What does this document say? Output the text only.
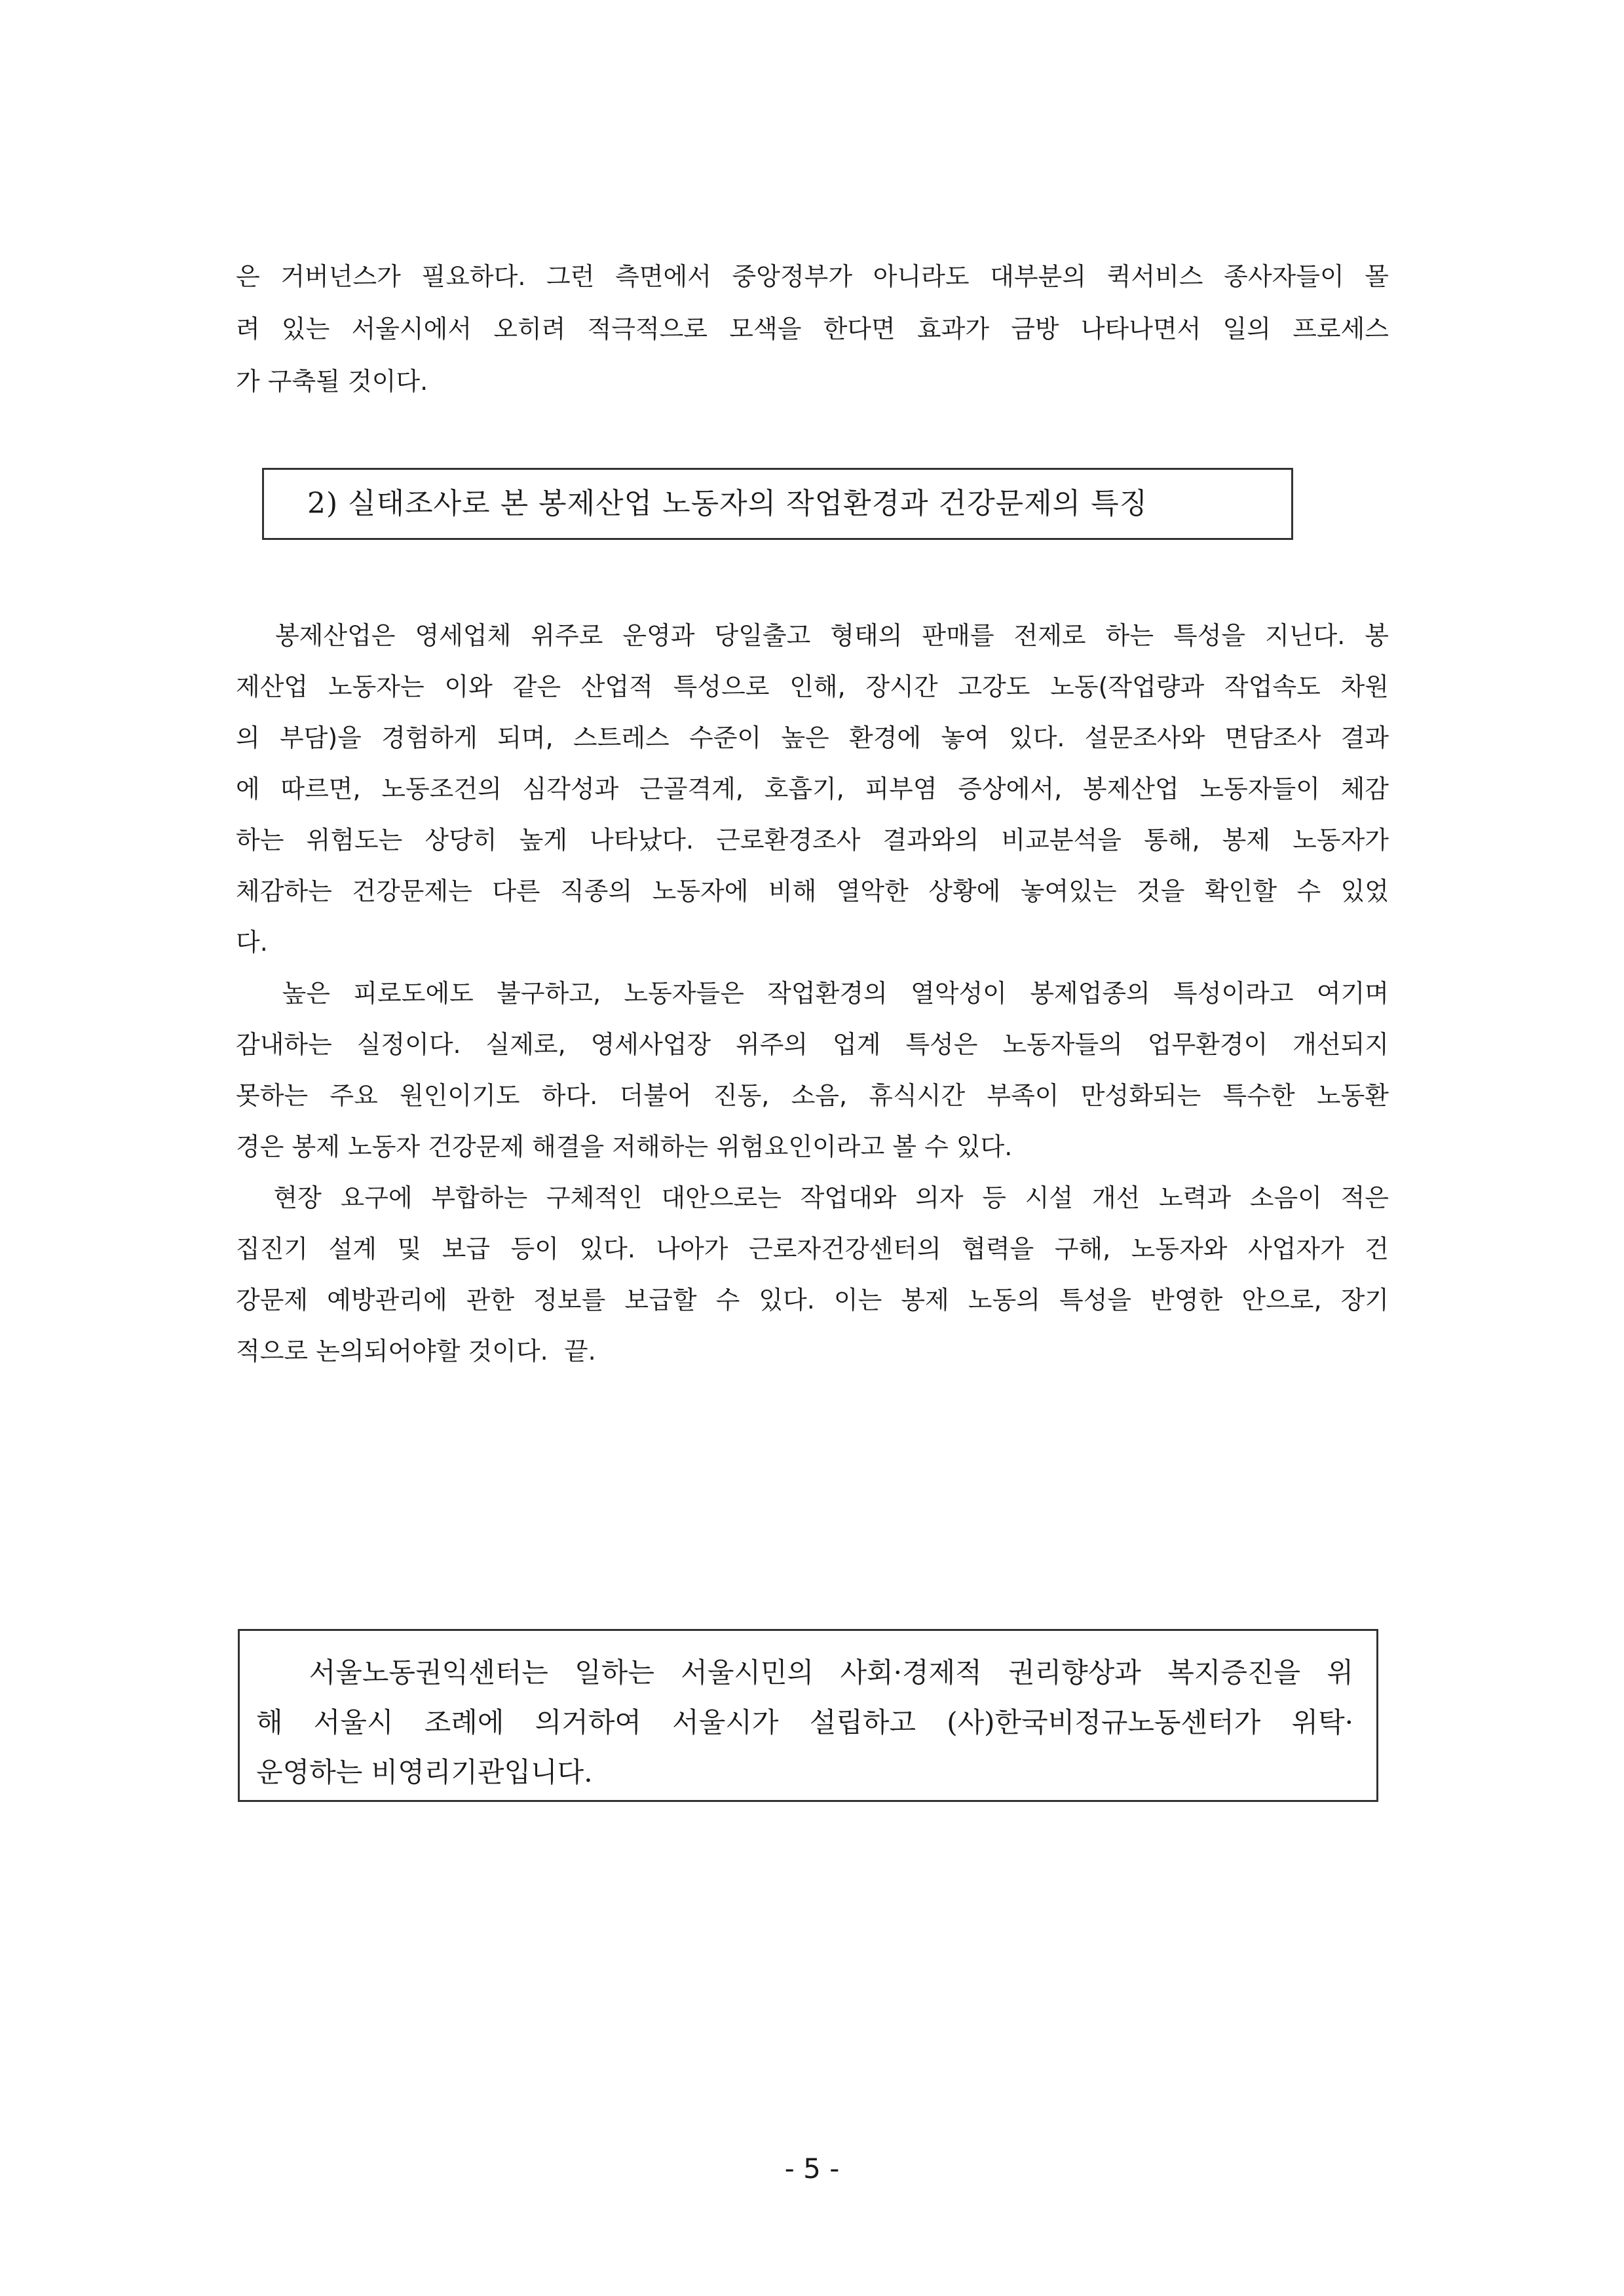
은 거버넌스가 필요하다. 그런 측면에서 중앙정부가 아니라도 대부분의 퀵서비스 종사자들이 몰
려 있는 서울시에서 오히려 적극적으로 모색을 한다면 효과가 금방 나타나면서 일의 프로세스
가 구축될 것이다.
2) 실태조사로 본 봉제산업 노동자의 작업환경과 건강문제의 특징
봉제산업은 영세업체 위주로 운영과 당일출고 형태의 판매를 전제로 하는 특성을 지닌다. 봉
제산업 노동자는 이와 같은 산업적 특성으로 인해, 장시간 고강도 노동(작업량과 작업속도 차원
의 부담)을 경험하게 되며, 스트레스 수준이 높은 환경에 놓여 있다. 설문조사와 면담조사 결과
에 따르면, 노동조건의 심각성과 근골격계, 호흡기, 피부염 증상에서, 봉제산업 노동자들이 체감
하는 위험도는 상당히 높게 나타났다. 근로환경조사 결과와의 비교분석을 통해, 봉제 노동자가
체감하는 건강문제는 다른 직종의 노동자에 비해 열악한 상황에 놓여있는 것을 확인할 수 있었
다.
높은 피로도에도 불구하고, 노동자들은 작업환경의 열악성이 봉제업종의 특성이라고 여기며
감내하는 실정이다. 실제로, 영세사업장 위주의 업계 특성은 노동자들의 업무환경이 개선되지
못하는 주요 원인이기도 하다. 더불어 진동, 소음, 휴식시간 부족이 만성화되는 특수한 노동환
경은 봉제 노동자 건강문제 해결을 저해하는 위험요인이라고 볼 수 있다.
현장 요구에 부합하는 구체적인 대안으로는 작업대와 의자 등 시설 개선 노력과 소음이 적은
집진기 설계 및 보급 등이 있다. 나아가 근로자건강센터의 협력을 구해, 노동자와 사업자가 건
강문제 예방관리에 관한 정보를 보급할 수 있다. 이는 봉제 노동의 특성을 반영한 안으로, 장기
적으로 논의되어야할 것이다.  끝.
서울노동권익센터는 일하는 서울시민의 사회·경제적 권리향상과 복지증진을 위
해 서울시 조례에 의거하여 서울시가 설립하고 (사)한국비정규노동센터가 위탁·
운영하는 비영리기관입니다.
- 5 -
